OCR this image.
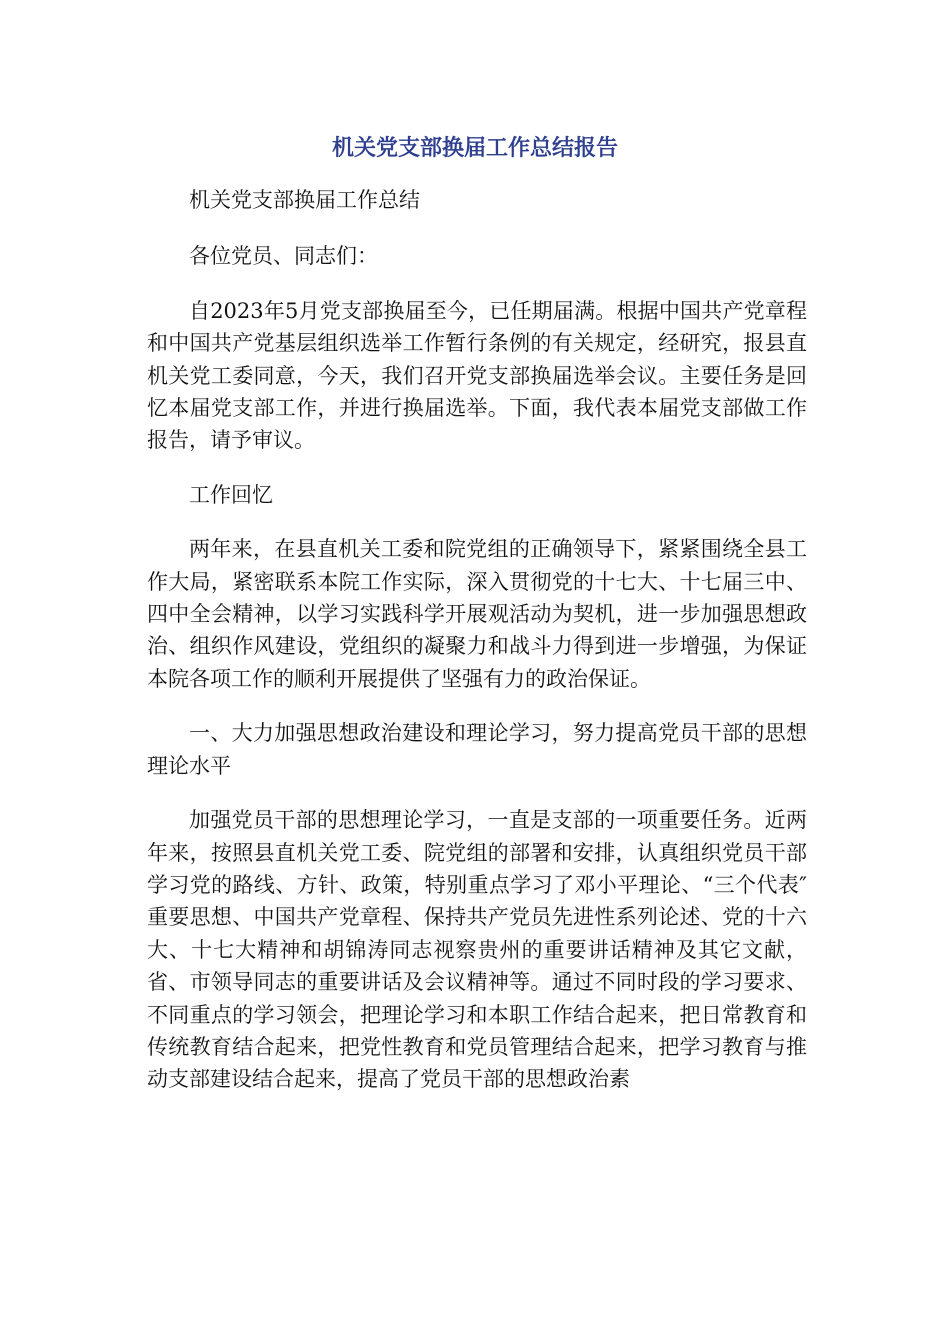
机关党支部换届工作总结报告

机关党支部换届工作总结

各位党员、同志们：

自2023年5月党支部换届至今，已任期届满。根据中国共产党章程和中国共产党基层组织选举工作暂行条例的有关规定，经研究，报县直机关党工委同意，今天，我们召开党支部换届选举会议。主要任务是回忆本届党支部工作，并进行换届选举。下面，我代表本届党支部做工作报告，请予审议。

工作回忆

两年来，在县直机关工委和院党组的正确领导下，紧紧围绕全县工作大局，紧密联系本院工作实际，深入贯彻党的十七大、十七届三中、四中全会精神，以学习实践科学开展观活动为契机，进一步加强思想政治、组织作风建设，党组织的凝聚力和战斗力得到进一步增强，为保证本院各项工作的顺利开展提供了坚强有力的政治保证。

一、大力加强思想政治建设和理论学习，努力提高党员干部的思想理论水平

加强党员干部的思想理论学习，一直是支部的一项重要任务。近两年来，按照县直机关党工委、院党组的部署和安排，认真组织党员干部学习党的路线、方针、政策，特别重点学习了邓小平理论、“三个代表″重要思想、中国共产党章程、保持共产党员先进性系列论述、党的十六大、十七大精神和胡锦涛同志视察贵州的重要讲话精神及其它文献，省、市领导同志的重要讲话及会议精神等。通过不同时段的学习要求、不同重点的学习领会，把理论学习和本职工作结合起来，把日常教育和传统教育结合起来，把党性教育和党员管理结合起来，把学习教育与推动支部建设结合起来，提高了党员干部的思想政治素
